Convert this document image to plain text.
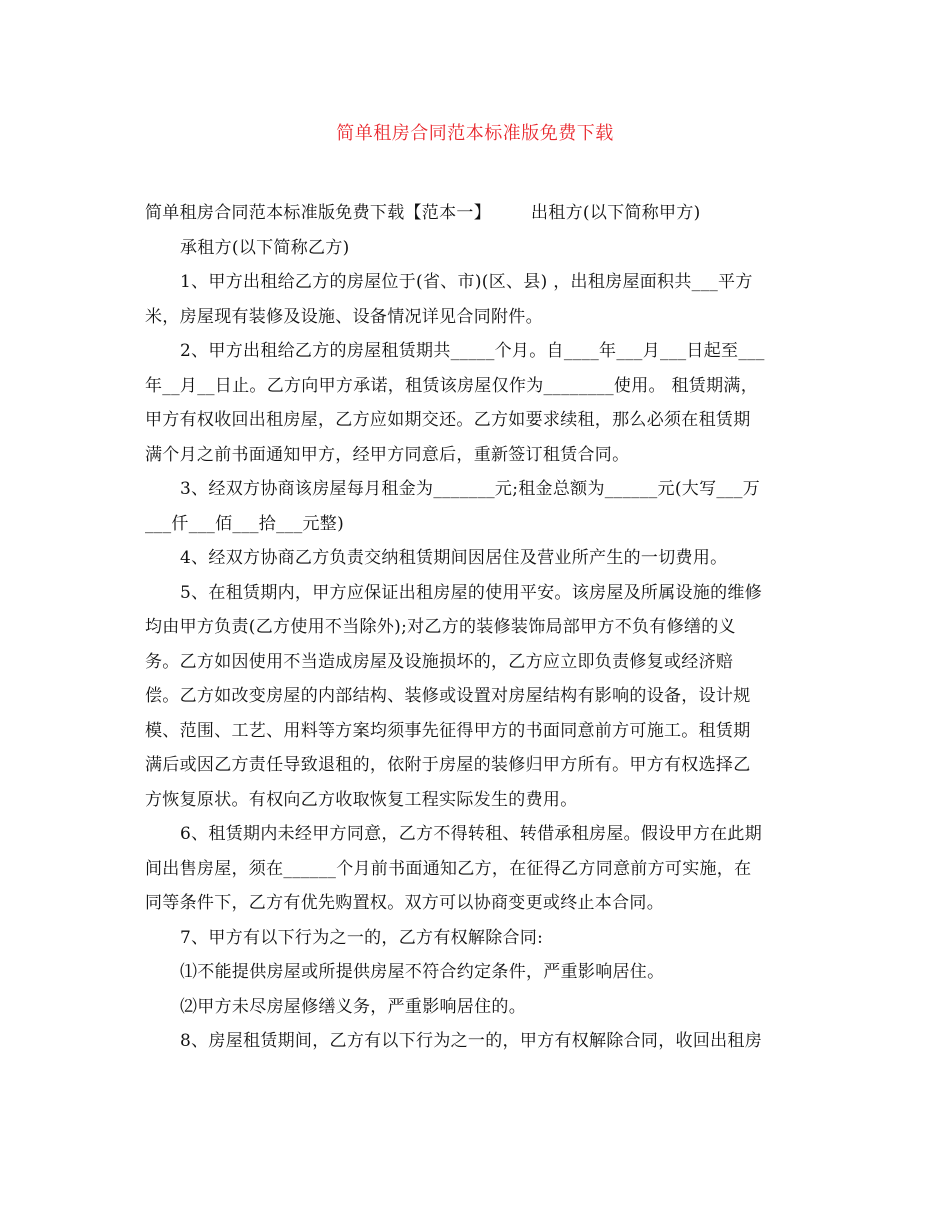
简单租房合同范本标准版免费下载
简单租房合同范本标准版免费下载【范本一】 出租方(以下简称甲方)
承租方(以下简称乙方)
1、甲方出租给乙方的房屋位于(省、市)(区、县) ，出租房屋面积共___平方
米，房屋现有装修及设施、设备情况详见合同附件。
2、甲方出租给乙方的房屋租赁期共_____个月。自____年___月___日起至___
年__月__日止。乙方向甲方承诺，租赁该房屋仅作为________使用。 租赁期满，
甲方有权收回出租房屋，乙方应如期交还。乙方如要求续租，那么必须在租赁期
满个月之前书面通知甲方，经甲方同意后，重新签订租赁合同。
3、经双方协商该房屋每月租金为_______元;租金总额为______元(大写___万
___仟___佰___拾___元整)
4、经双方协商乙方负责交纳租赁期间因居住及营业所产生的一切费用。
5、在租赁期内，甲方应保证出租房屋的使用平安。该房屋及所属设施的维修
均由甲方负责(乙方使用不当除外);对乙方的装修装饰局部甲方不负有修缮的义
务。乙方如因使用不当造成房屋及设施损坏的，乙方应立即负责修复或经济赔
偿。乙方如改变房屋的内部结构、装修或设置对房屋结构有影响的设备，设计规
模、范围、工艺、用料等方案均须事先征得甲方的书面同意前方可施工。租赁期
满后或因乙方责任导致退租的，依附于房屋的装修归甲方所有。甲方有权选择乙
方恢复原状。有权向乙方收取恢复工程实际发生的费用。
6、租赁期内未经甲方同意，乙方不得转租、转借承租房屋。假设甲方在此期
间出售房屋，须在______个月前书面通知乙方，在征得乙方同意前方可实施，在
同等条件下，乙方有优先购置权。双方可以协商变更或终止本合同。
7、甲方有以下行为之一的，乙方有权解除合同:
⑴不能提供房屋或所提供房屋不符合约定条件，严重影响居住。
⑵甲方未尽房屋修缮义务，严重影响居住的。
8、房屋租赁期间，乙方有以下行为之一的，甲方有权解除合同，收回出租房
